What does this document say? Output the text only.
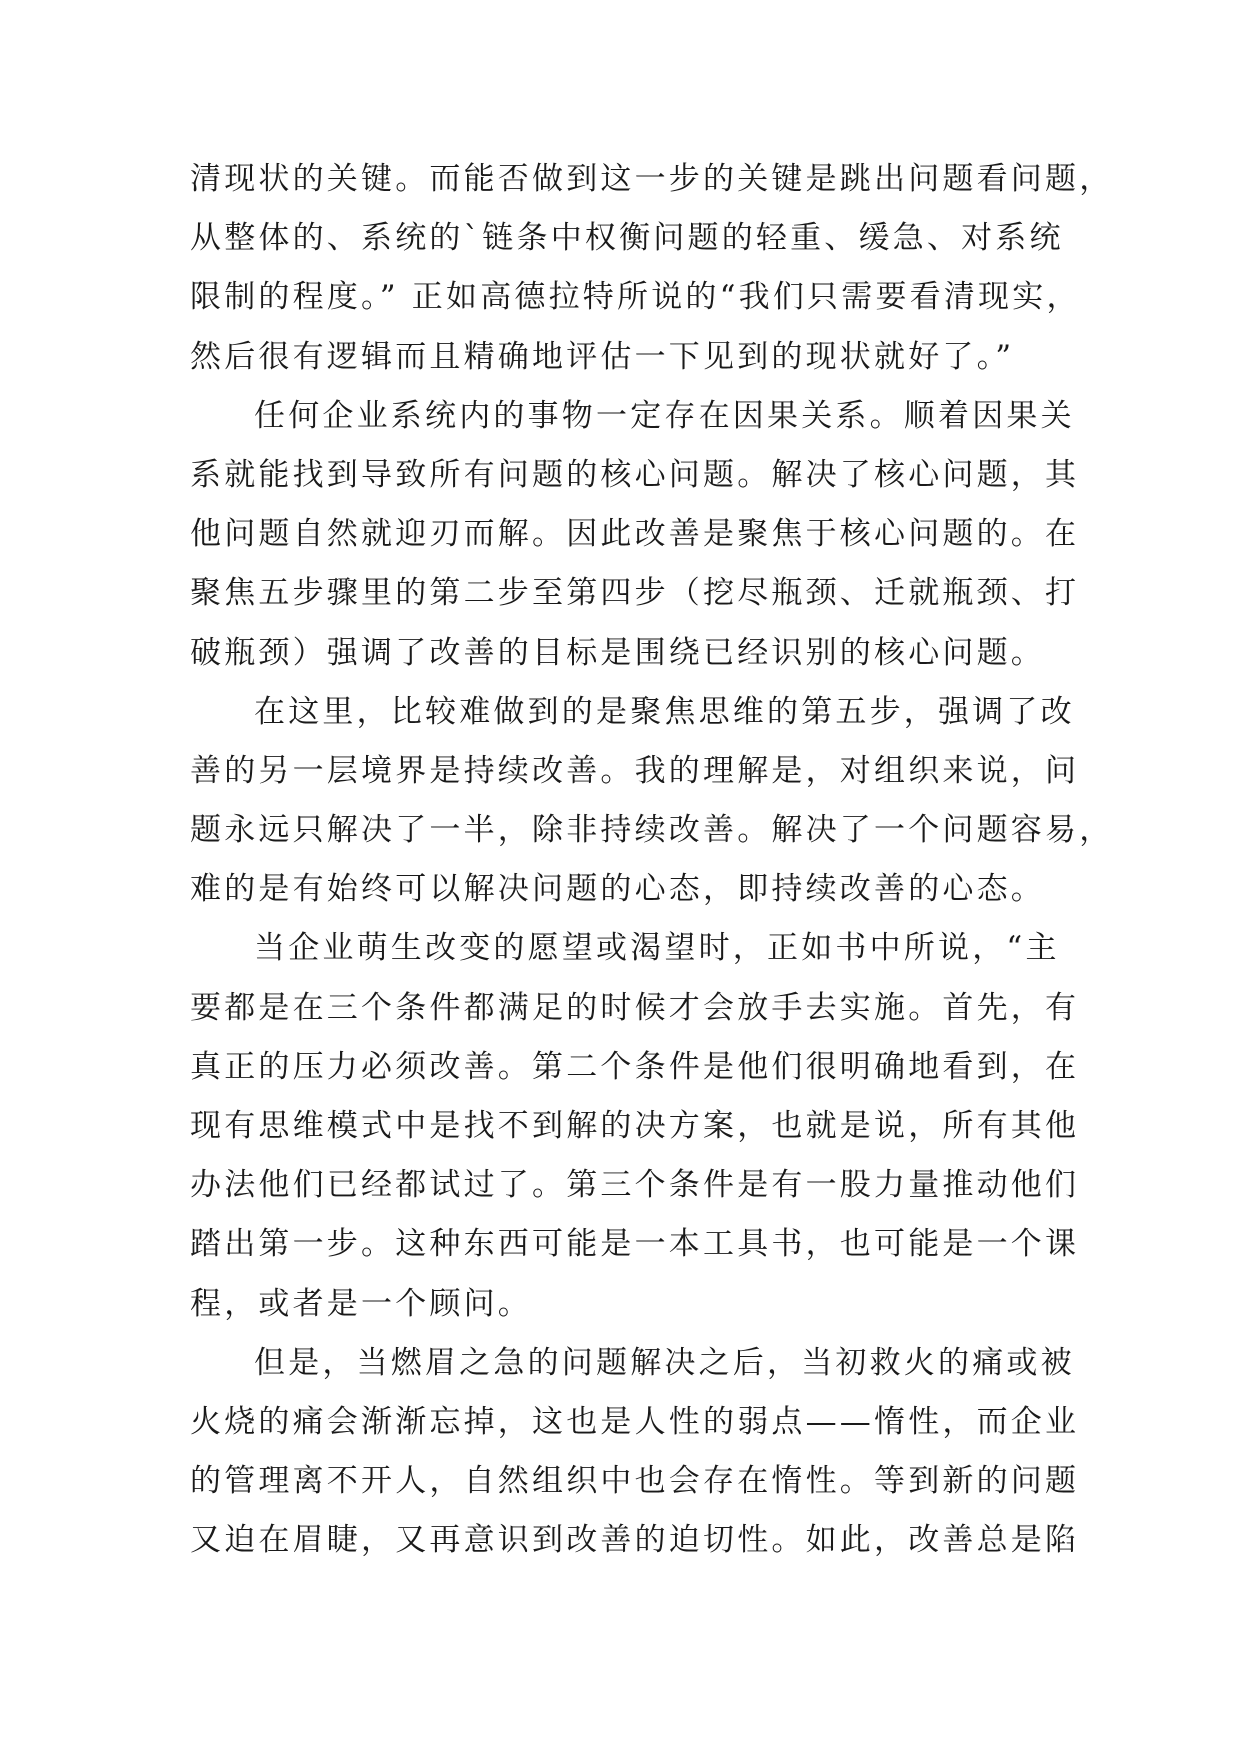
清现状的关键。而能否做到这一步的关键是跳出问题看问题，
从整体的、系统的`链条中权衡问题的轻重、缓急、对系统
限制的程度。” 正如高德拉特所说的“我们只需要看清现实，
然后很有逻辑而且精确地评估一下见到的现状就好了。”
任何企业系统内的事物一定存在因果关系。顺着因果关
系就能找到导致所有问题的核心问题。解决了核心问题，其
他问题自然就迎刃而解。因此改善是聚焦于核心问题的。在
聚焦五步骤里的第二步至第四步（挖尽瓶颈、迁就瓶颈、打
破瓶颈）强调了改善的目标是围绕已经识别的核心问题。
在这里，比较难做到的是聚焦思维的第五步，强调了改
善的另一层境界是持续改善。我的理解是，对组织来说，问
题永远只解决了一半，除非持续改善。解决了一个问题容易，
难的是有始终可以解决问题的心态，即持续改善的心态。
当企业萌生改变的愿望或渴望时，正如书中所说，“主
要都是在三个条件都满足的时候才会放手去实施。首先，有
真正的压力必须改善。第二个条件是他们很明确地看到，在
现有思维模式中是找不到解的决方案，也就是说，所有其他
办法他们已经都试过了。第三个条件是有一股力量推动他们
踏出第一步。这种东西可能是一本工具书，也可能是一个课
程，或者是一个顾问。
但是，当燃眉之急的问题解决之后，当初救火的痛或被
火烧的痛会渐渐忘掉，这也是人性的弱点——惰性，而企业
的管理离不开人，自然组织中也会存在惰性。等到新的问题
又迫在眉睫，又再意识到改善的迫切性。如此，改善总是陷
